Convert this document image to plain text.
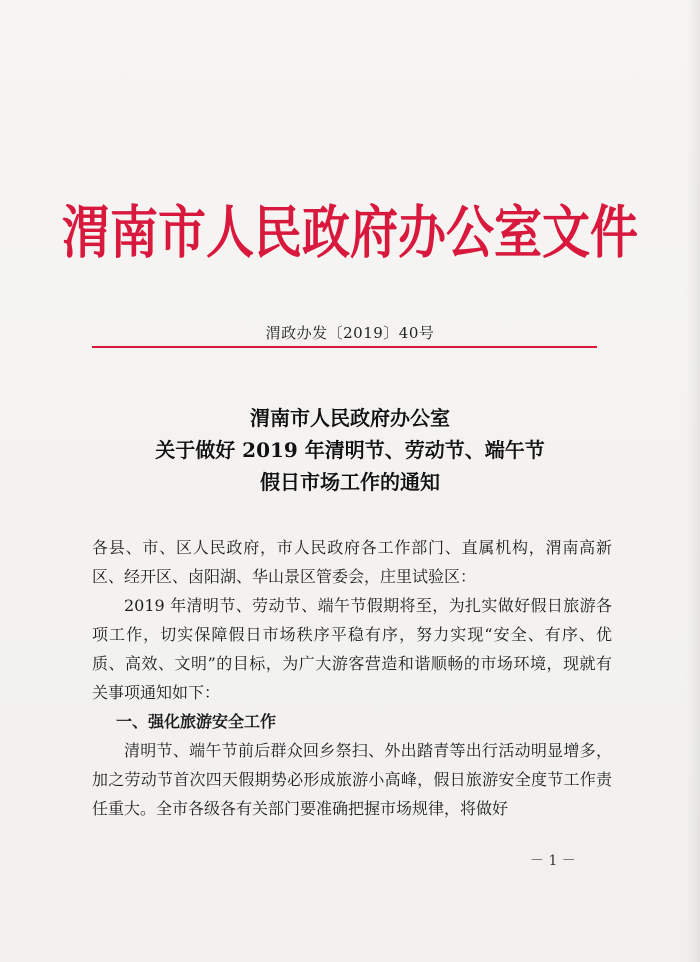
渭南市人民政府办公室文件
渭政办发〔2019〕40号
渭南市人民政府办公室
关于做好 2019 年清明节、劳动节、端午节
假日市场工作的通知

各县、市、区人民政府，市人民政府各工作部门、直属机构，渭南高新区、经开区、卤阳湖、华山景区管委会，庄里试验区：

2019 年清明节、劳动节、端午节假期将至，为扎实做好假日旅游各项工作，切实保障假日市场秩序平稳有序，努力实现“安全、有序、优质、高效、文明”的目标，为广大游客营造和谐顺畅的市场环境，现就有关事项通知如下：

一、强化旅游安全工作

清明节、端午节前后群众回乡祭扫、外出踏青等出行活动明显增多，加之劳动节首次四天假期势必形成旅游小高峰，假日旅游安全度节工作责任重大。全市各级各有关部门要准确把握市场规律，将做好

－ 1 －
